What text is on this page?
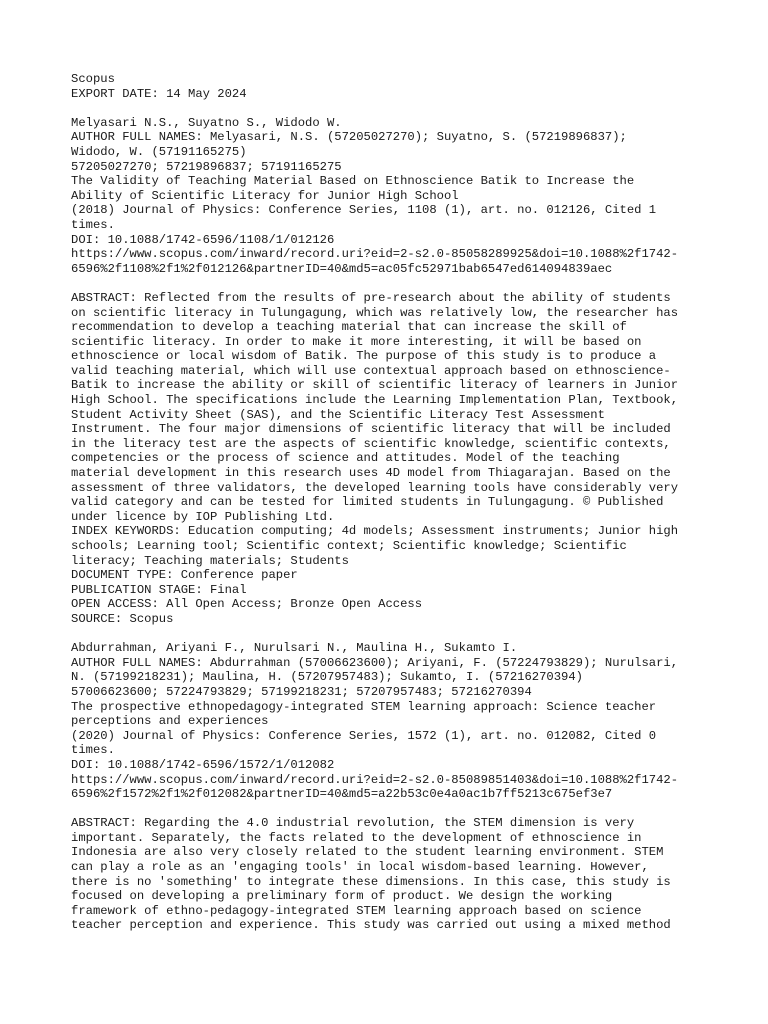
Scopus
EXPORT DATE: 14 May 2024
Melyasari N.S., Suyatno S., Widodo W.
AUTHOR FULL NAMES: Melyasari, N.S. (57205027270); Suyatno, S. (57219896837);
Widodo, W. (57191165275)
57205027270; 57219896837; 57191165275
The Validity of Teaching Material Based on Ethnoscience Batik to Increase the
Ability of Scientific Literacy for Junior High School
(2018) Journal of Physics: Conference Series, 1108 (1), art. no. 012126, Cited 1
times.
DOI: 10.1088/1742-6596/1108/1/012126
https://www.scopus.com/inward/record.uri?eid=2-s2.0-85058289925&doi=10.1088%2f1742-
6596%2f1108%2f1%2f012126&partnerID=40&md5=ac05fc52971bab6547ed614094839aec
ABSTRACT: Reflected from the results of pre-research about the ability of students
on scientific literacy in Tulungagung, which was relatively low, the researcher has
recommendation to develop a teaching material that can increase the skill of
scientific literacy. In order to make it more interesting, it will be based on
ethnoscience or local wisdom of Batik. The purpose of this study is to produce a
valid teaching material, which will use contextual approach based on ethnoscience-
Batik to increase the ability or skill of scientific literacy of learners in Junior
High School. The specifications include the Learning Implementation Plan, Textbook,
Student Activity Sheet (SAS), and the Scientific Literacy Test Assessment
Instrument. The four major dimensions of scientific literacy that will be included
in the literacy test are the aspects of scientific knowledge, scientific contexts,
competencies or the process of science and attitudes. Model of the teaching
material development in this research uses 4D model from Thiagarajan. Based on the
assessment of three validators, the developed learning tools have considerably very
valid category and can be tested for limited students in Tulungagung. © Published
under licence by IOP Publishing Ltd.
INDEX KEYWORDS: Education computing; 4d models; Assessment instruments; Junior high
schools; Learning tool; Scientific context; Scientific knowledge; Scientific
literacy; Teaching materials; Students
DOCUMENT TYPE: Conference paper
PUBLICATION STAGE: Final
OPEN ACCESS: All Open Access; Bronze Open Access
SOURCE: Scopus
Abdurrahman, Ariyani F., Nurulsari N., Maulina H., Sukamto I.
AUTHOR FULL NAMES: Abdurrahman (57006623600); Ariyani, F. (57224793829); Nurulsari,
N. (57199218231); Maulina, H. (57207957483); Sukamto, I. (57216270394)
57006623600; 57224793829; 57199218231; 57207957483; 57216270394
The prospective ethnopedagogy-integrated STEM learning approach: Science teacher
perceptions and experiences
(2020) Journal of Physics: Conference Series, 1572 (1), art. no. 012082, Cited 0
times.
DOI: 10.1088/1742-6596/1572/1/012082
https://www.scopus.com/inward/record.uri?eid=2-s2.0-85089851403&doi=10.1088%2f1742-
6596%2f1572%2f1%2f012082&partnerID=40&md5=a22b53c0e4a0ac1b7ff5213c675ef3e7
ABSTRACT: Regarding the 4.0 industrial revolution, the STEM dimension is very
important. Separately, the facts related to the development of ethnoscience in
Indonesia are also very closely related to the student learning environment. STEM
can play a role as an 'engaging tools' in local wisdom-based learning. However,
there is no 'something' to integrate these dimensions. In this case, this study is
focused on developing a preliminary form of product. We design the working
framework of ethno-pedagogy-integrated STEM learning approach based on science
teacher perception and experience. This study was carried out using a mixed method
